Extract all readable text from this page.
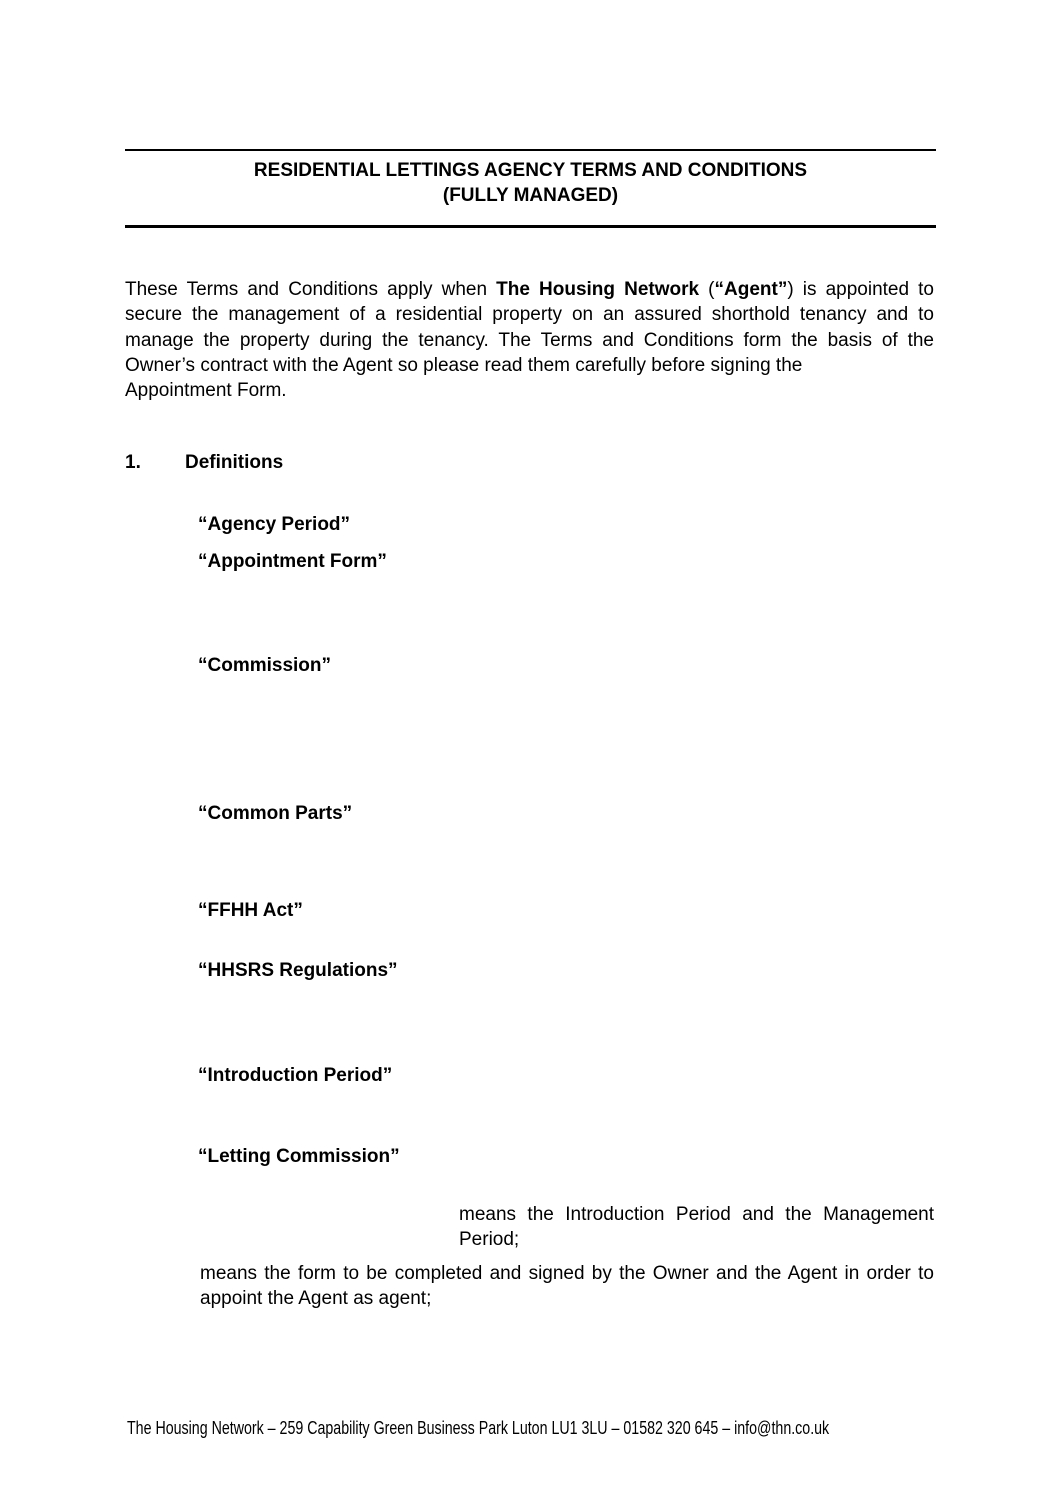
RESIDENTIAL LETTINGS AGENCY TERMS AND CONDITIONS
(FULLY MANAGED)
These Terms and Conditions apply when The Housing Network (“Agent”) is appointed to
secure the management of a residential property on an assured shorthold tenancy and to
manage the property during the tenancy. The Terms and Conditions form the basis of the
Owner’s contract with the Agent so please read them carefully before signing the
Appointment Form.
1. Definitions
“Agency Period”
“Appointment Form”
“Commission”
“Common Parts”
“FFHH Act”
“HHSRS Regulations”
“Introduction Period”
“Letting Commission”
means the Introduction Period and the Management
Period;
means the form to be completed and signed by the Owner and the Agent in order to
appoint the Agent as agent;
The Housing Network – 259 Capability Green Business Park Luton LU1 3LU – 01582 320 645 – info@thn.co.uk
